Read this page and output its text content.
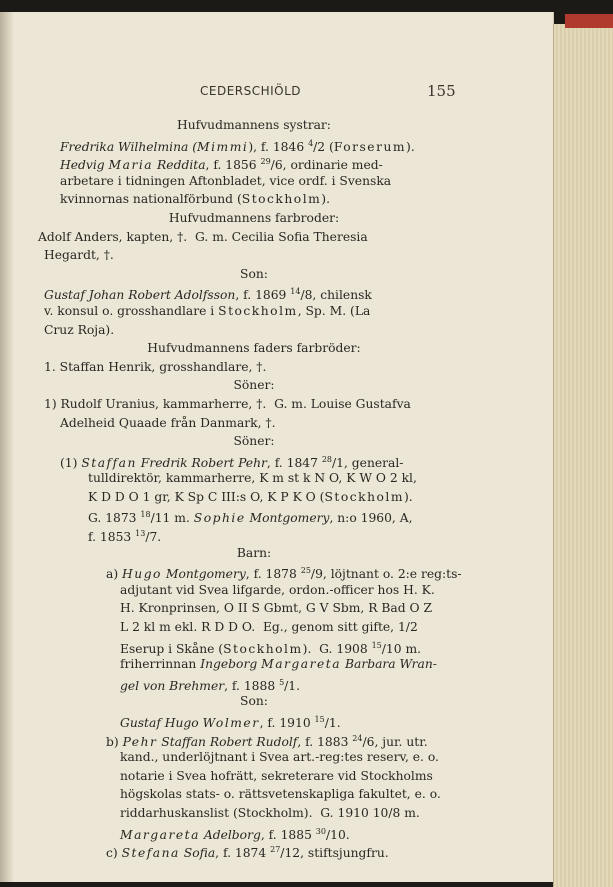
CEDERSCHIÖLD	155
Hufvudmannens systrar:
Fredrika Wilhelmina (Mimmi), f. 1846 $^4$/2 (Forserum).
Hedvig Maria Reddita, f. 1856 $^{29}$/6, ordinarie med-
arbetare i tidningen Aftonbladet, vice ordf. i Svenska
kvinnornas nationalförbund (Stockholm).
Hufvudmannens farbroder:
Adolf Anders, kapten, †.  G. m. Cecilia Sofia Theresia
Hegardt, †.
Son:
Gustaf Johan Robert Adolfsson, f. 1869 $^{14}$/8, chilensk
v. konsul o. grosshandlare i Stockholm, Sp. M. (La
Cruz Roja).
Hufvudmannens faders farbröder:
1. Staffan Henrik, grosshandlare, †.
Söner:
1) Rudolf Uranius, kammarherre, †.  G. m. Louise Gustafva
Adelheid Quaade från Danmark, †.
Söner:
(1) Staffan Fredrik Robert Pehr, f. 1847 $^{28}$/1, general-
tulldirektör, kammarherre, K m st k N O, K W O 2 kl,
K D D O 1 gr, K Sp C III:s O, K P K O (Stockholm).
G. 1873 $^{18}$/11 m. Sophie Montgomery, n:o 1960, A,
f. 1853 $^{13}$/7.
Barn:
a) Hugo Montgomery, f. 1878 $^{25}$/9, löjtnant o. 2:e reg:ts-
adjutant vid Svea lifgarde, ordon.-officer hos H. K.
H. Kronprinsen, O II S Gbmt, G V Sbm, R Bad O Z
L 2 kl m ekl. R D D O.  Eg., genom sitt gifte, 1/2
Eserup i Skåne (Stockholm).  G. 1908 $^{15}$/10 m.
friherrinnan Ingeborg Margareta Barbara Wran-
gel von Brehmer, f. 1888 $^5$/1.
Son:
Gustaf Hugo Wolmer, f. 1910 $^{15}$/1.
b) Pehr Staffan Robert Rudolf, f. 1883 $^{24}$/6, jur. utr.
kand., underlöjtnant i Svea art.-reg:tes reserv, e. o.
notarie i Svea hofrätt, sekreterare vid Stockholms
högskolas stats- o. rättsvetenskapliga fakultet, e. o.
riddarhuskanslist (Stockholm).  G. 1910 10/8 m.
Margareta Adelborg, f. 1885 $^{30}$/10.
c) Stefana Sofia, f. 1874 $^{27}$/12, stiftsjungfru.
